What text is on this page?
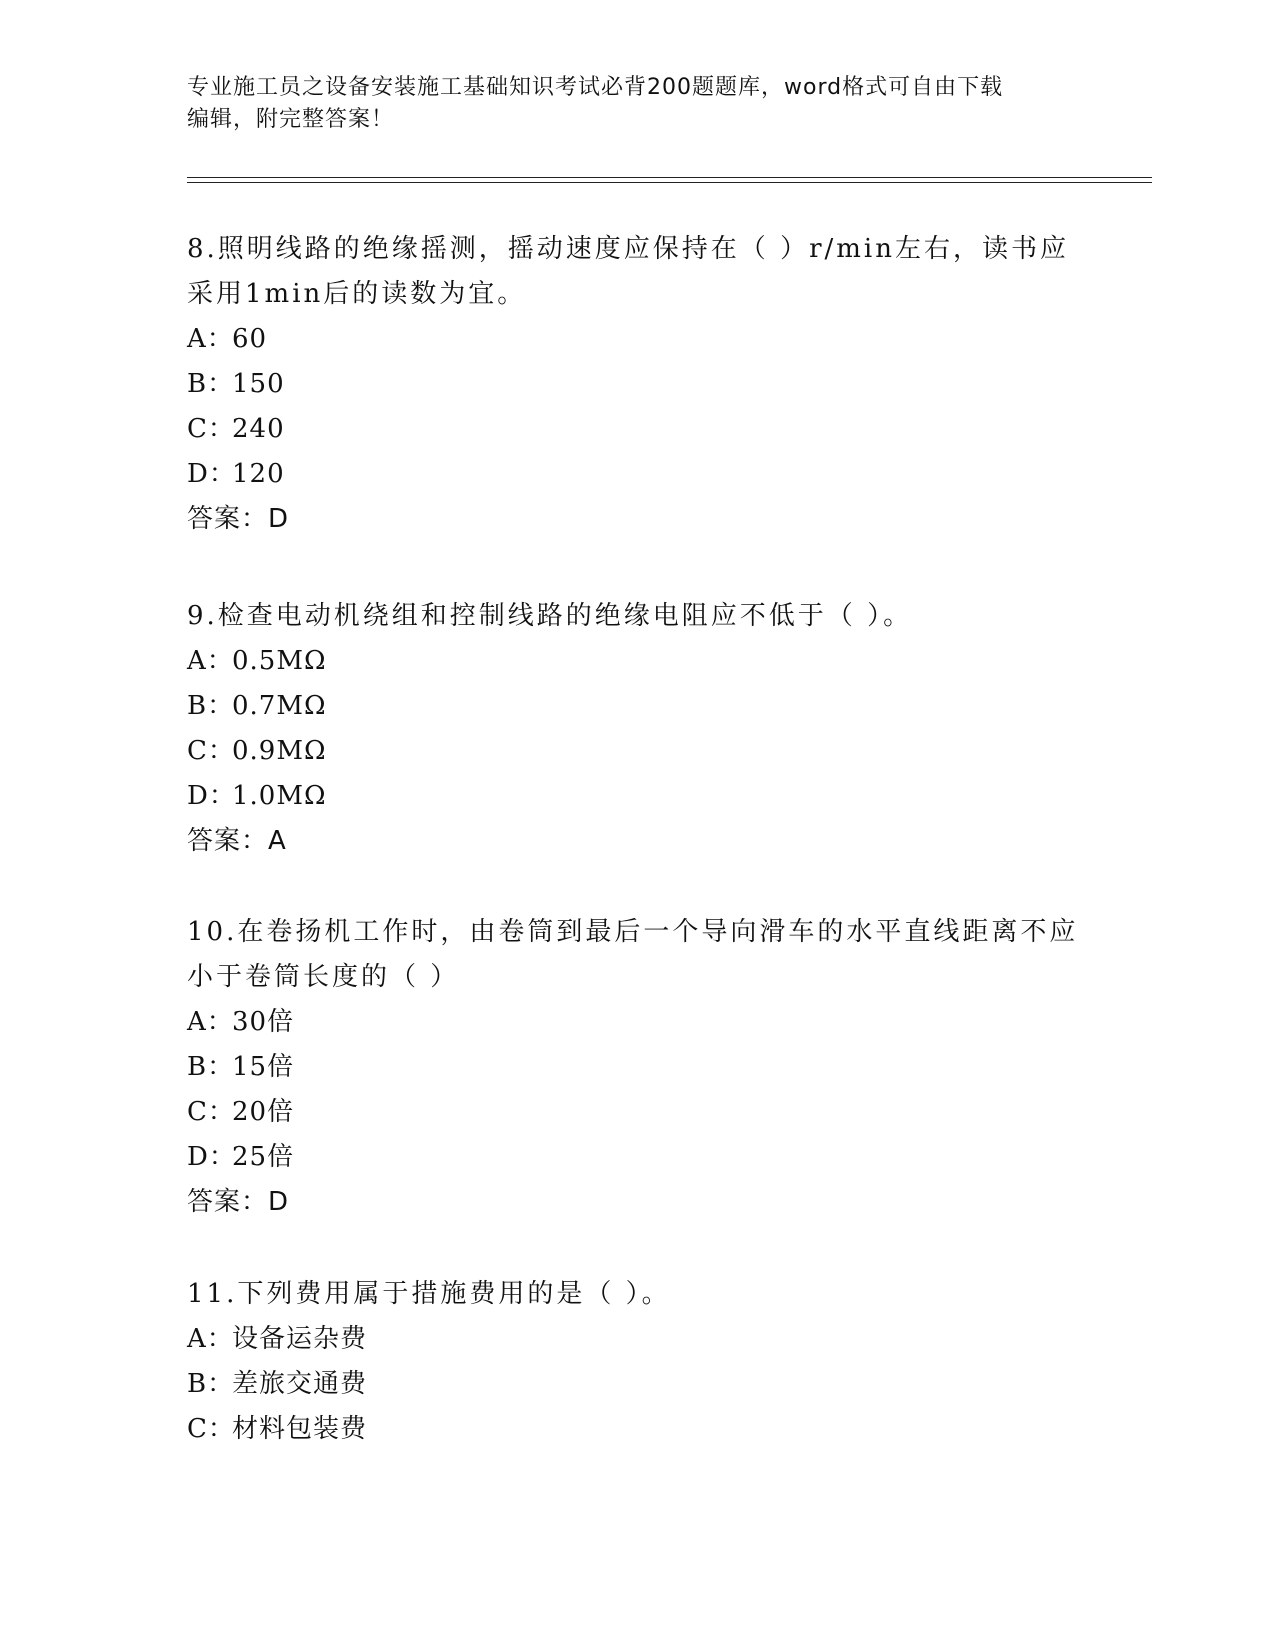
专业施工员之设备安装施工基础知识考试必背200题题库，word格式可自由下载
编辑，附完整答案！
8.照明线路的绝缘摇测，摇动速度应保持在（ ）r/min左右，读书应
采用1min后的读数为宜。
A：60
B：150
C：240
D：120
答案：D
9.检查电动机绕组和控制线路的绝缘电阻应不低于（ ）。
A：0.5MΩ
B：0.7MΩ
C：0.9MΩ
D：1.0MΩ
答案：A
10.在卷扬机工作时，由卷筒到最后一个导向滑车的水平直线距离不应
小于卷筒长度的（ ）
A：30倍
B：15倍
C：20倍
D：25倍
答案：D
11.下列费用属于措施费用的是（ ）。
A：设备运杂费
B：差旅交通费
C：材料包装费
